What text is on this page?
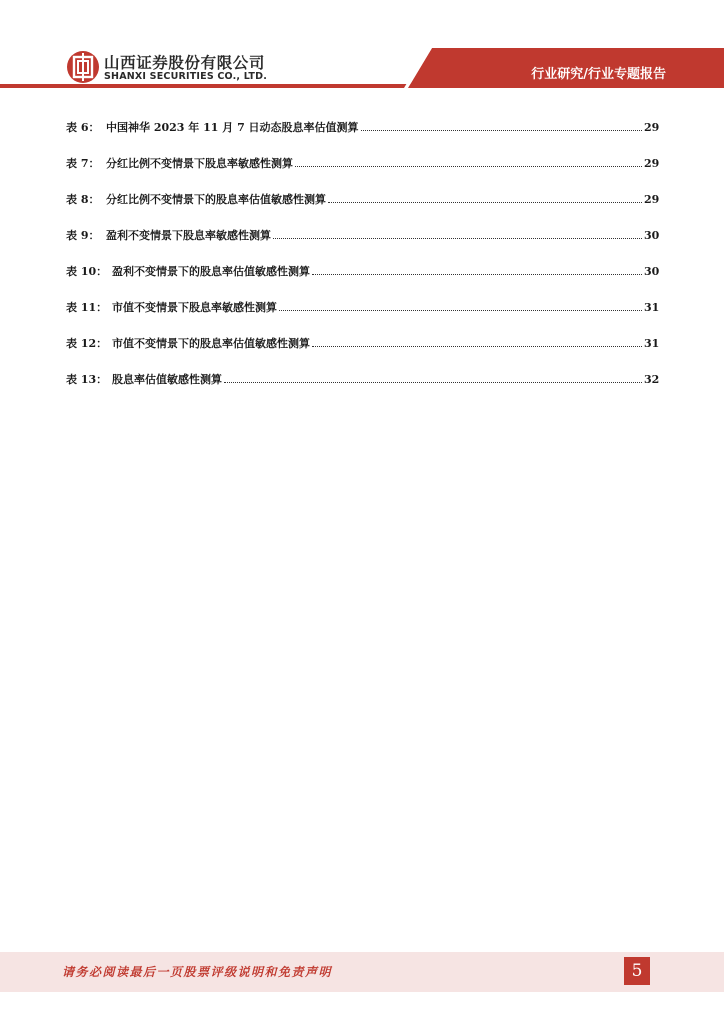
山西证券股份有限公司
SHANXI SECURITIES CO., LTD.	行业研究/行业专题报告
表 6： 中国神华 2023 年 11 月 7 日动态股息率估值测算	29
表 7： 分红比例不变情景下股息率敏感性测算	29
表 8： 分红比例不变情景下的股息率估值敏感性测算	29
表 9： 盈利不变情景下股息率敏感性测算	30
表 10： 盈利不变情景下的股息率估值敏感性测算	30
表 11： 市值不变情景下股息率敏感性测算	31
表 12： 市值不变情景下的股息率估值敏感性测算	31
表 13： 股息率估值敏感性测算	32
请务必阅读最后一页股票评级说明和免责声明	5
